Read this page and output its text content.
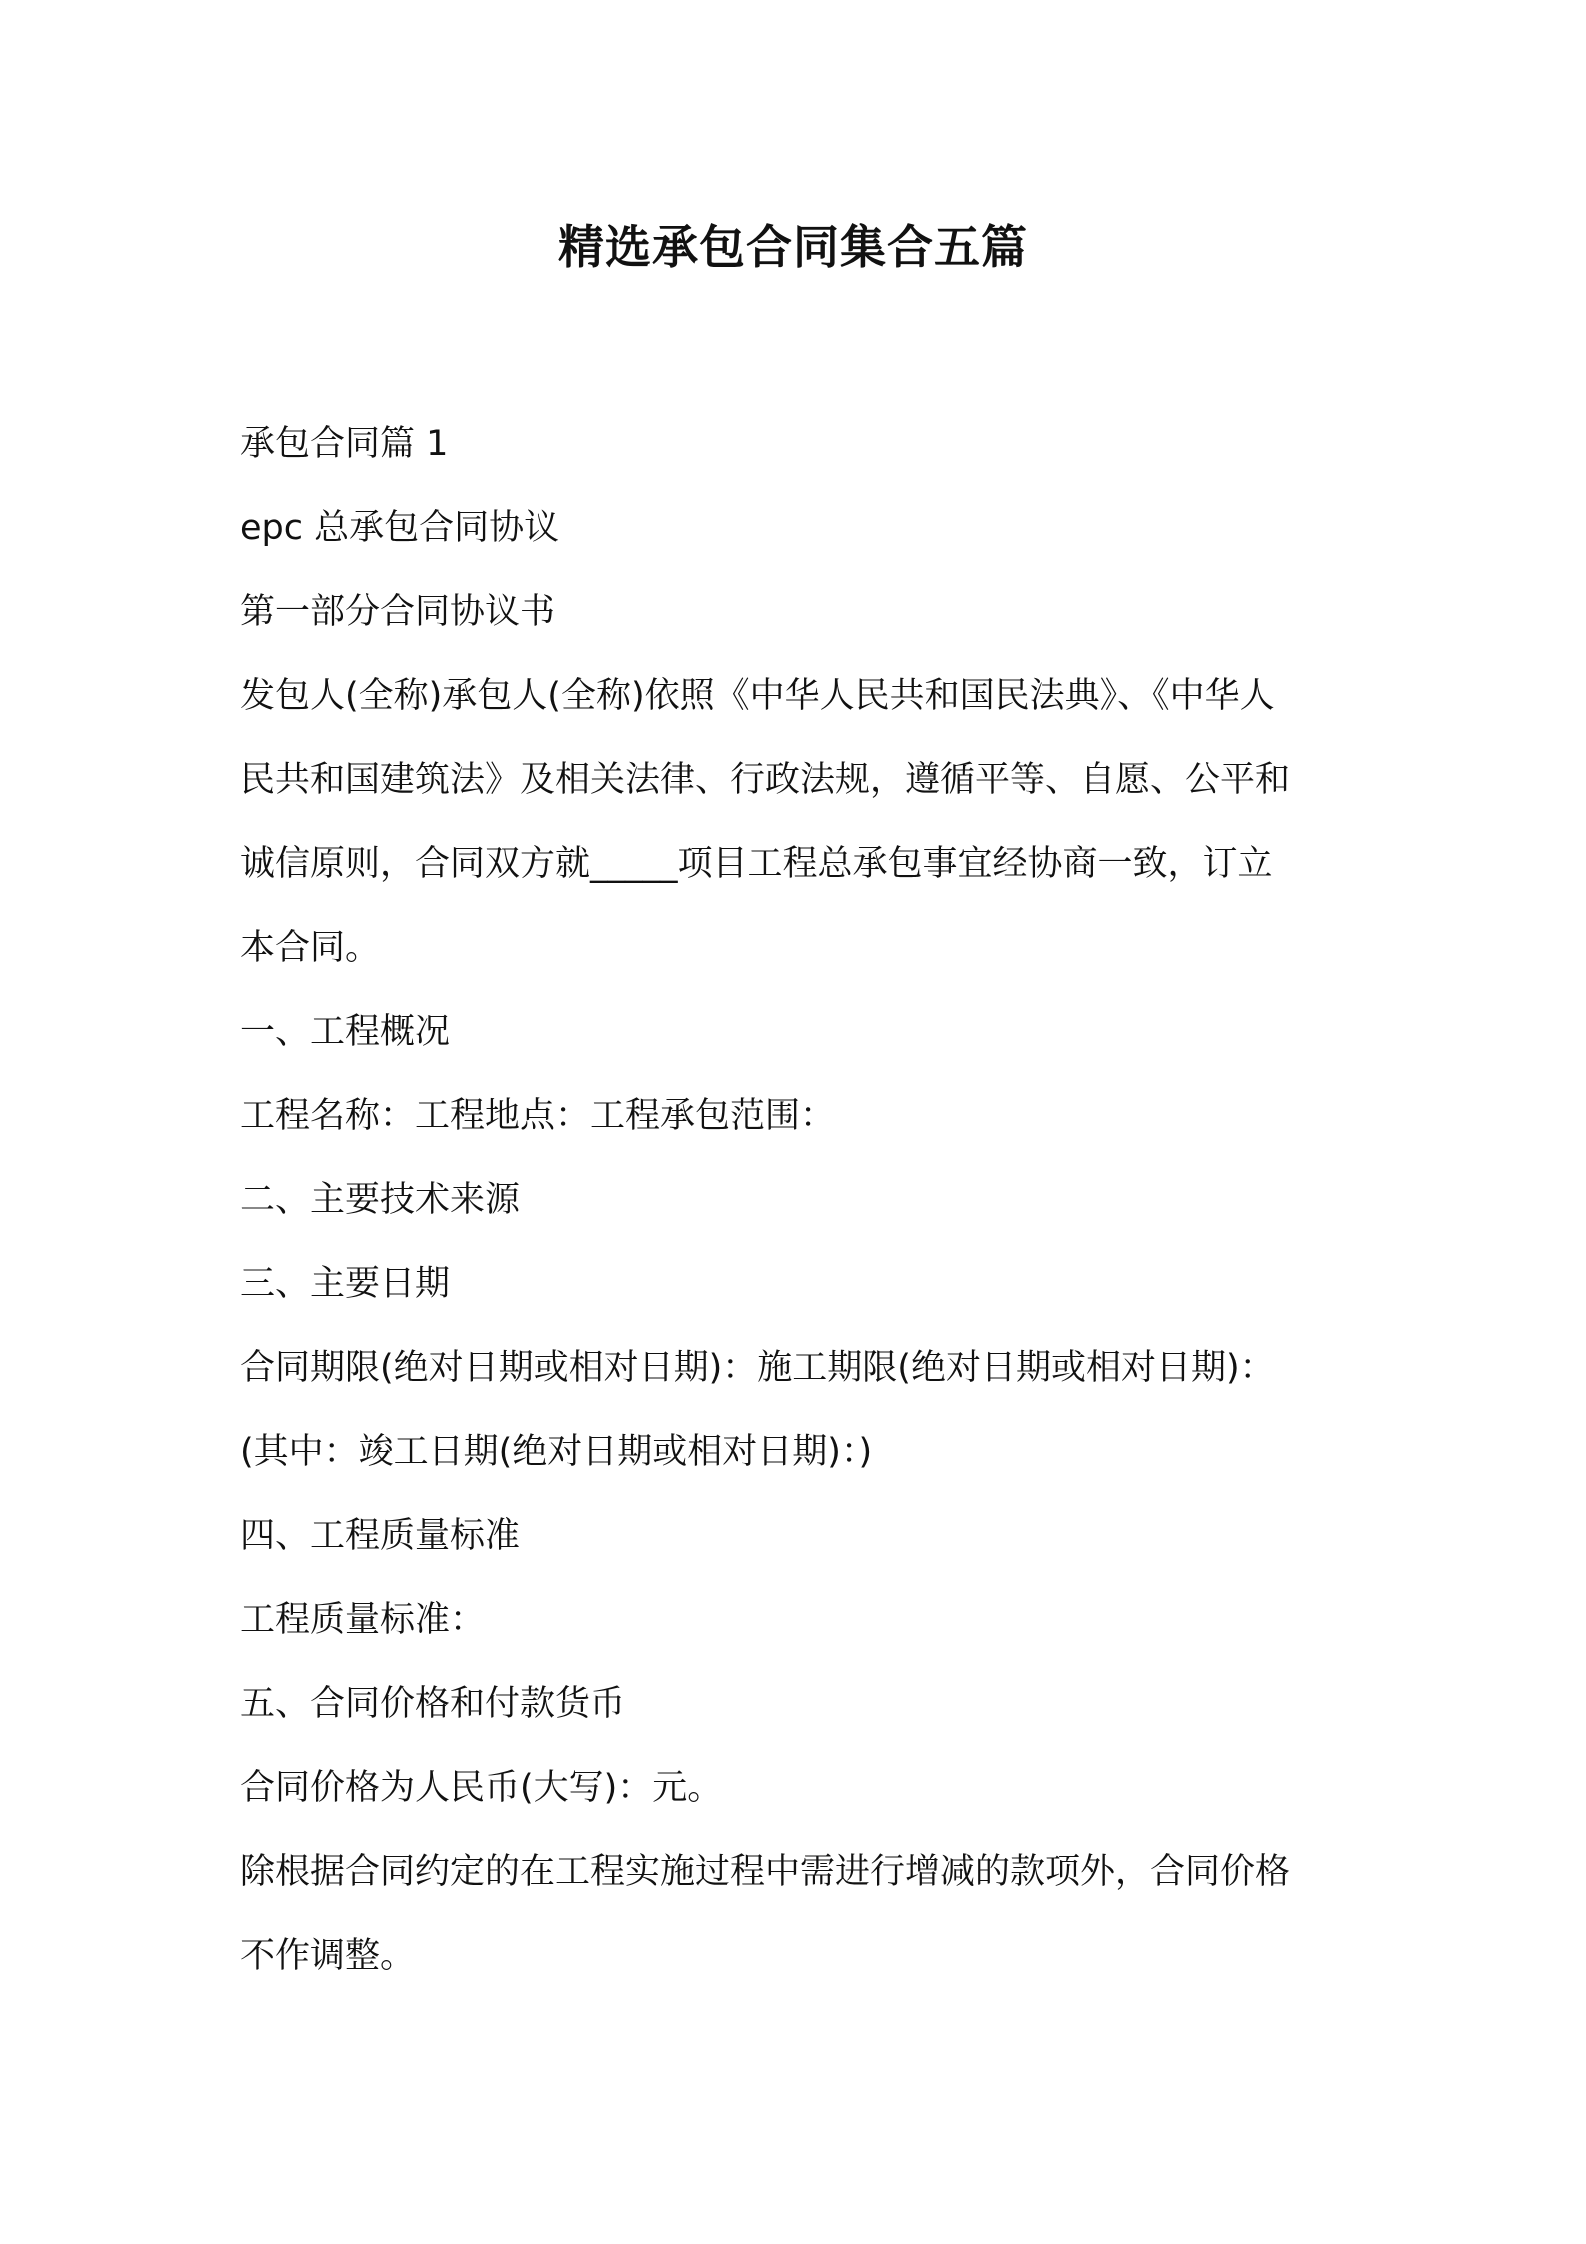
精选承包合同集合五篇

承包合同篇 1

epc 总承包合同协议

第一部分合同协议书

发包人(全称)承包人(全称)依照《中华人民共和国民法典》、《中华人

民共和国建筑法》及相关法律、行政法规，遵循平等、自愿、公平和

诚信原则，合同双方就_____项目工程总承包事宜经协商一致，订立

本合同。

一、工程概况

工程名称：工程地点：工程承包范围：

二、主要技术来源

三、主要日期

合同期限(绝对日期或相对日期)：施工期限(绝对日期或相对日期)：

(其中：竣工日期(绝对日期或相对日期)：)

四、工程质量标准

工程质量标准：

五、合同价格和付款货币

合同价格为人民币(大写)：元。

除根据合同约定的在工程实施过程中需进行增减的款项外，合同价格

不作调整。
